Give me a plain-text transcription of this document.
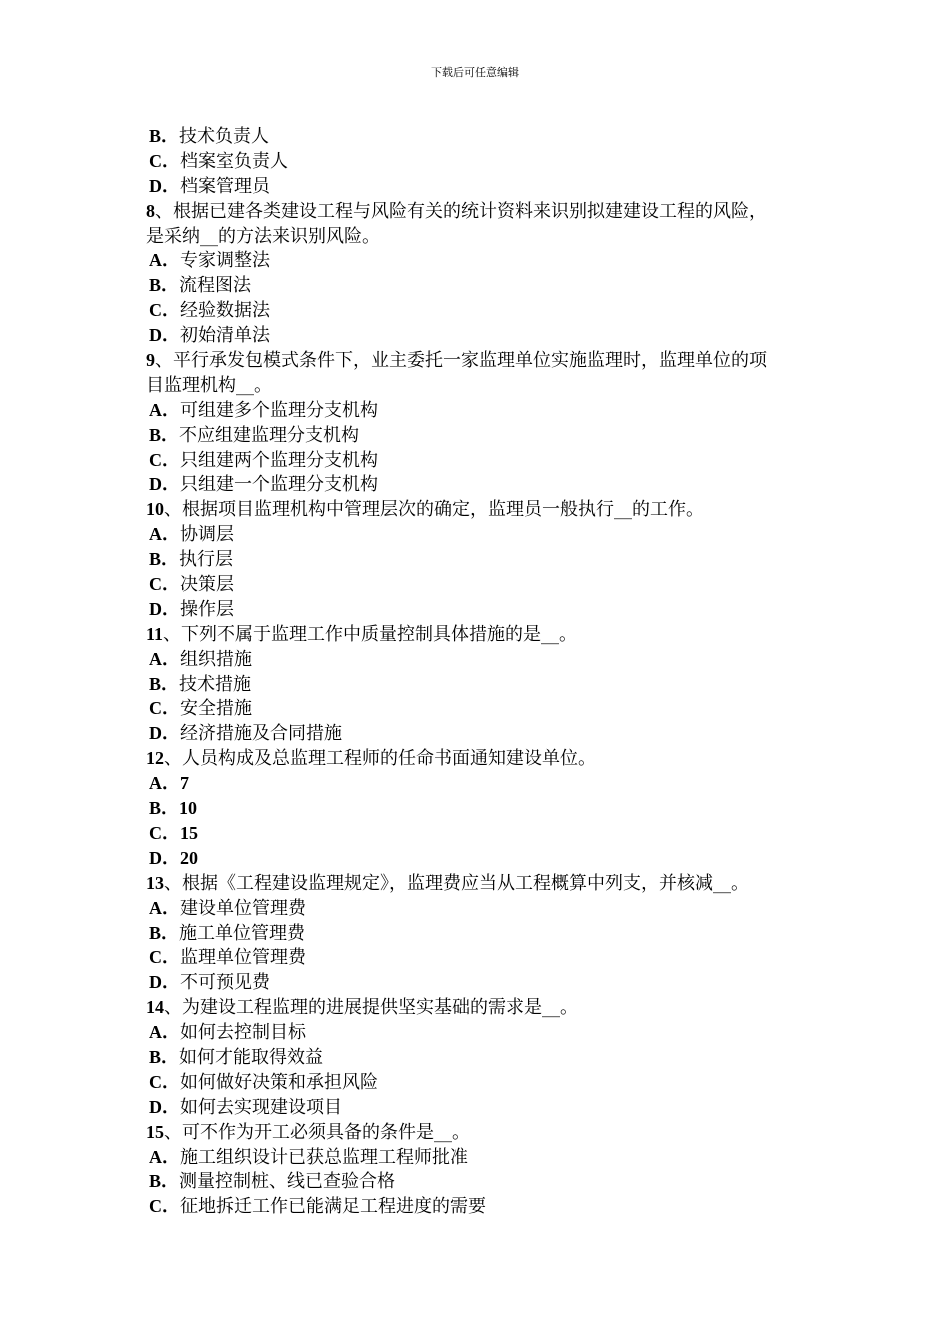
下载后可任意编辑
B．技术负责人
C．档案室负责人
D．档案管理员
8、根据已建各类建设工程与风险有关的统计资料来识别拟建建设工程的风险，
是采纳__的方法来识别风险。
A．专家调整法
B．流程图法
C．经验数据法
D．初始清单法
9、平行承发包模式条件下，业主委托一家监理单位实施监理时，监理单位的项
目监理机构__。
A．可组建多个监理分支机构
B．不应组建监理分支机构
C．只组建两个监理分支机构
D．只组建一个监理分支机构
10、根据项目监理机构中管理层次的确定，监理员一般执行__的工作。
A．协调层
B．执行层
C．决策层
D．操作层
11、下列不属于监理工作中质量控制具体措施的是__。
A．组织措施
B．技术措施
C．安全措施
D．经济措施及合同措施
12、人员构成及总监理工程师的任命书面通知建设单位。
A．7
B．10
C．15
D．20
13、根据《工程建设监理规定》，监理费应当从工程概算中列支，并核减__。
A．建设单位管理费
B．施工单位管理费
C．监理单位管理费
D．不可预见费
14、为建设工程监理的进展提供坚实基础的需求是__。
A．如何去控制目标
B．如何才能取得效益
C．如何做好决策和承担风险
D．如何去实现建设项目
15、可不作为开工必须具备的条件是__。
A．施工组织设计已获总监理工程师批准
B．测量控制桩、线已查验合格
C．征地拆迁工作已能满足工程进度的需要
